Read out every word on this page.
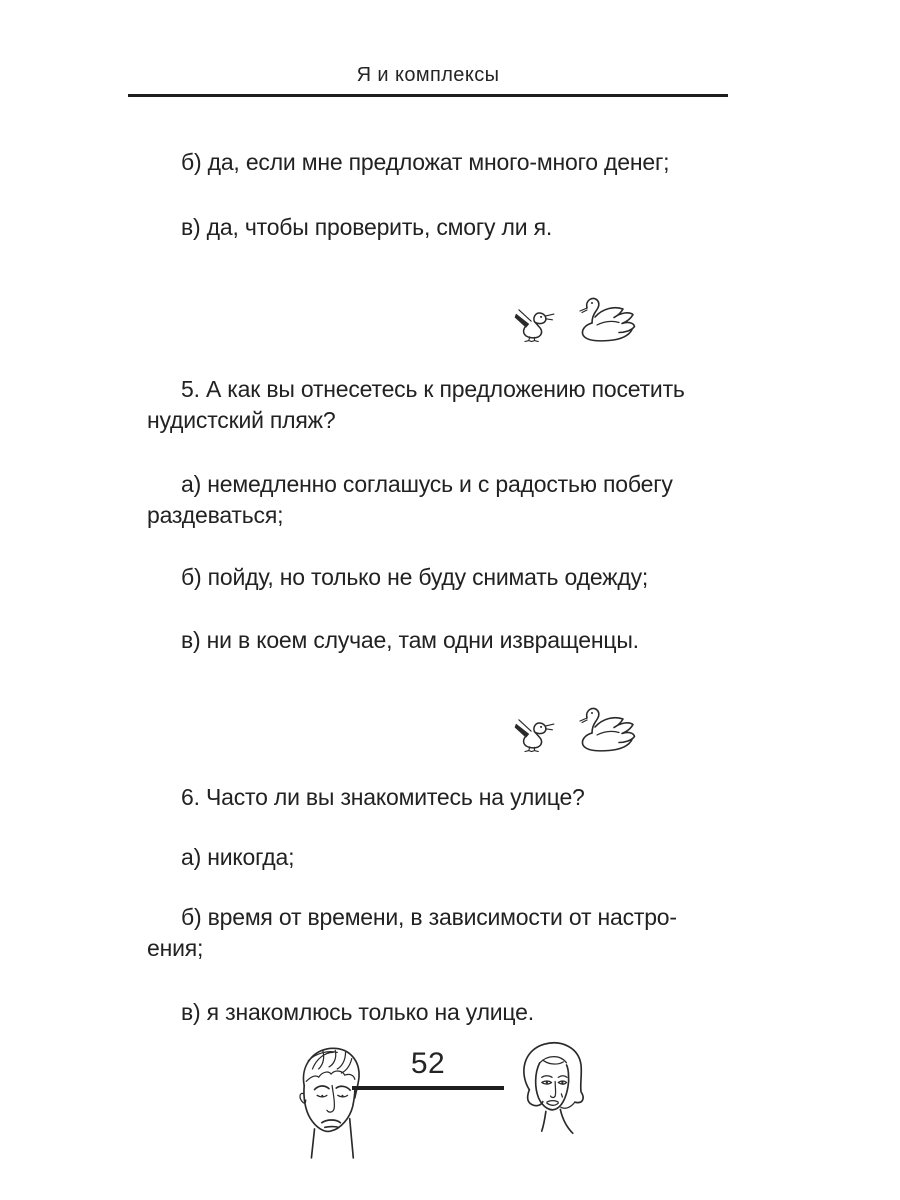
Я и комплексы

б) да, если мне предложат много-много денег;

в) да, чтобы проверить, смогу ли я.

5. А как вы отнесетесь к предложению посетить
нудистский пляж?

а) немедленно соглашусь и с радостью побегу
раздеваться;

б) пойду, но только не буду снимать одежду;

в) ни в коем случае, там одни извращенцы.

6. Часто ли вы знакомитесь на улице?

а) никогда;

б) время от времени, в зависимости от настро-
ения;

в) я знакомлюсь только на улице.

52
